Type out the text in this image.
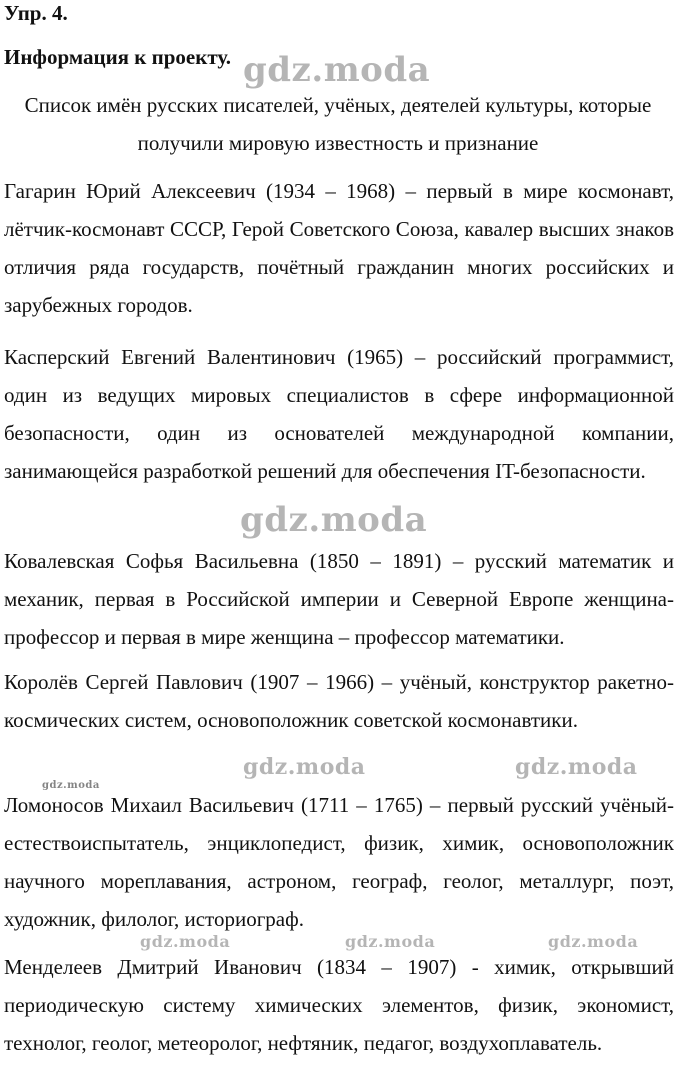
Упр. 4.
Информация к проекту.
Список имён русских писателей, учёных, деятелей культуры, которые
получили мировую известность и признание
Гагарин Юрий Алексеевич (1934 – 1968) – первый в мире космонавт, лётчик-космонавт СССР, Герой Советского Союза, кавалер высших знаков отличия ряда государств, почётный гражданин многих российских и зарубежных городов.
Касперский Евгений Валентинович (1965) – российский программист, один из ведущих мировых специалистов в сфере информационной безопасности, один из основателей международной компании, занимающейся разработкой решений для обеспечения IT-безопасности.
Ковалевская Софья Васильевна (1850 – 1891) – русский математик и механик, первая в Российской империи и Северной Европе женщина-профессор и первая в мире женщина – профессор математики.
Королёв Сергей Павлович (1907 – 1966) – учёный, конструктор ракетно-космических систем, основоположник советской космонавтики.
Ломоносов Михаил Васильевич (1711 – 1765) – первый русский учёный-естествоиспытатель, энциклопедист, физик, химик, основоположник научного мореплавания, астроном, географ, геолог, металлург, поэт, художник, филолог, историограф.
Менделеев Дмитрий Иванович (1834 – 1907) - химик, открывший периодическую систему химических элементов, физик, экономист, технолог, геолог, метеоролог, нефтяник, педагог, воздухоплаватель.
gdz.moda
gdz.moda
gdz.moda	gdz.moda
gdz.moda
gdz.moda	gdz.moda	gdz.moda
